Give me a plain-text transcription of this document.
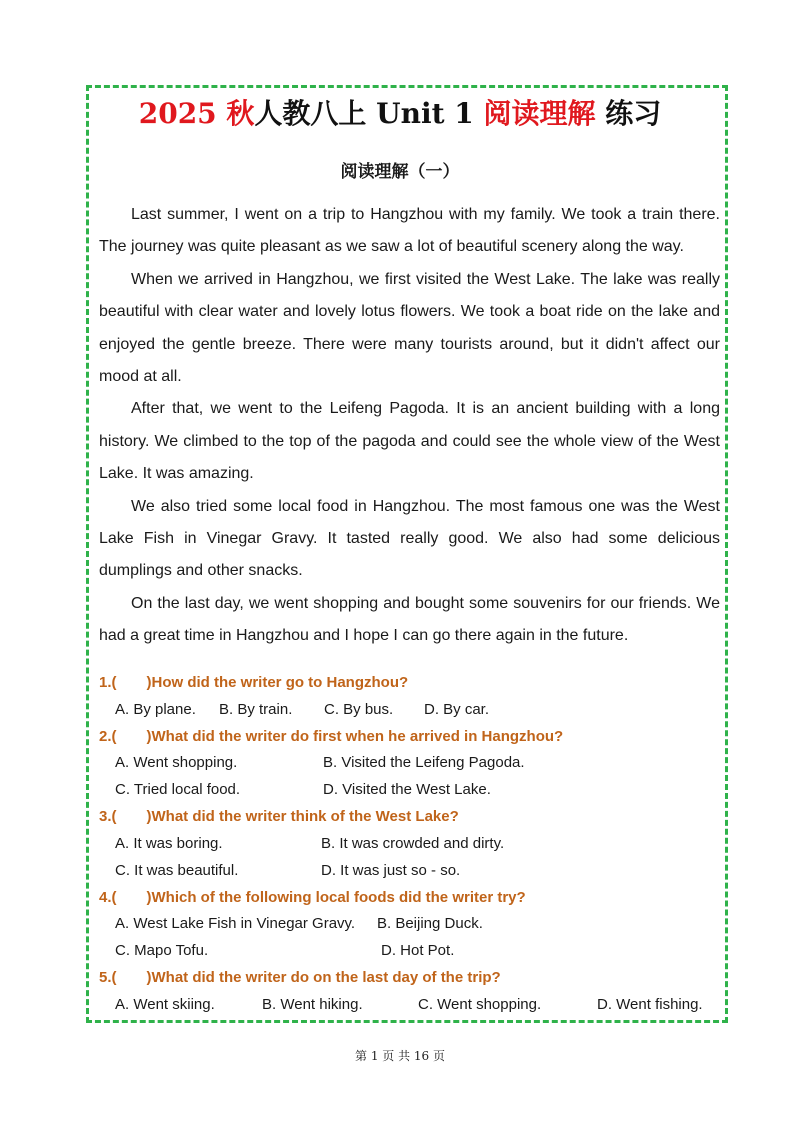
2025 秋人教八上 Unit 1 阅读理解 练习
阅读理解（一）

Last summer, I went on a trip to Hangzhou with my family. We took a train there. The journey was quite pleasant as we saw a lot of beautiful scenery along the way.

When we arrived in Hangzhou, we first visited the West Lake. The lake was really beautiful with clear water and lovely lotus flowers. We took a boat ride on the lake and enjoyed the gentle breeze. There were many tourists around, but it didn't affect our mood at all.

After that, we went to the Leifeng Pagoda. It is an ancient building with a long history. We climbed to the top of the pagoda and could see the whole view of the West Lake. It was amazing.

We also tried some local food in Hangzhou. The most famous one was the West Lake Fish in Vinegar Gravy. It tasted really good. We also had some delicious dumplings and other snacks.

On the last day, we went shopping and bought some souvenirs for our friends. We had a great time in Hangzhou and I hope I can go there again in the future.

1.( )How did the writer go to Hangzhou?
A. By plane. B. By train. C. By bus. D. By car.
2.( )What did the writer do first when he arrived in Hangzhou?
A. Went shopping.	B. Visited the Leifeng Pagoda.
C. Tried local food.	D. Visited the West Lake.
3.( )What did the writer think of the West Lake?
A. It was boring.	B. It was crowded and dirty.
C. It was beautiful.	D. It was just so - so.
4.( )Which of the following local foods did the writer try?
A. West Lake Fish in Vinegar Gravy. B. Beijing Duck.
C. Mapo Tofu.	D. Hot Pot.
5.( )What did the writer do on the last day of the trip?
A. Went skiing.	B. Went hiking.	C. Went shopping.	D. Went fishing.
第 1 页 共 16 页
